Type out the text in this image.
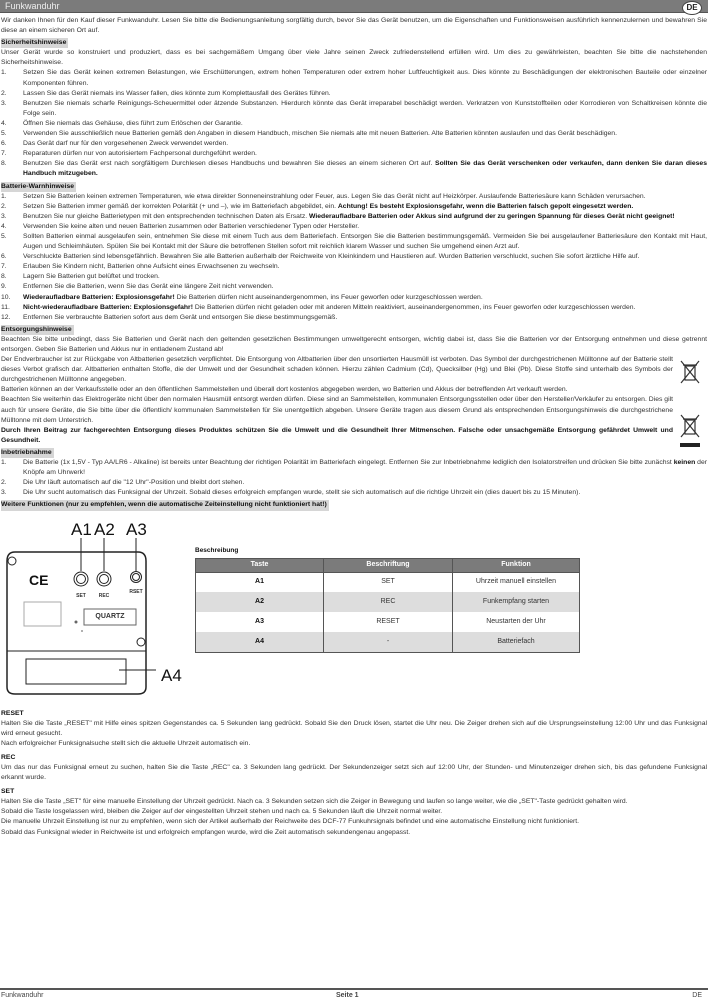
Funkwanduhr	DE

Wir danken Ihnen für den Kauf dieser Funkwanduhr. Lesen Sie bitte die Bedienungsanleitung sorgfältig durch, bevor Sie das Gerät benutzen, um die Eigenschaften und Funktionsweisen ausführlich kennenzulernen und bewahren Sie diese an einem sicheren Ort auf.

Sicherheitshinweise

Unser Gerät wurde so konstruiert und produziert, dass es bei sachgemäßem Umgang über viele Jahre seinen Zweck zufriedenstellend erfüllen wird. Um dies zu gewährleisten, beachten Sie bitte die nachstehenden Sicherheitshinweise.

1. Setzen Sie das Gerät keinen extremen Belastungen, wie Erschütterungen, extrem hohen Temperaturen oder extrem hoher Luftfeuchtigkeit aus. Dies könnte zu Beschädigungen der elektronischen Bauteile oder einzelner Komponenten führen.
2. Lassen Sie das Gerät niemals ins Wasser fallen, dies könnte zum Komplettausfall des Gerätes führen.
3. Benutzen Sie niemals scharfe Reinigungs-Scheuermittel oder ätzende Substanzen. Hierdurch könnte das Gerät irreparabel beschädigt werden. Verkratzen von Kunststoffteilen oder Korrodieren von Schaltkreisen könnte die Folge sein.
4. Öffnen Sie niemals das Gehäuse, dies führt zum Erlöschen der Garantie.
5. Verwenden Sie ausschließlich neue Batterien gemäß den Angaben in diesem Handbuch, mischen Sie niemals alte mit neuen Batterien. Alte Batterien könnten auslaufen und das Gerät beschädigen.
6. Das Gerät darf nur für den vorgesehenen Zweck verwendet werden.
7. Reparaturen dürfen nur von autorisiertem Fachpersonal durchgeführt werden.
8. Benutzen Sie das Gerät erst nach sorgfältigem Durchlesen dieses Handbuchs und bewahren Sie dieses an einem sicheren Ort auf. Sollten Sie das Gerät verschenken oder verkaufen, dann denken Sie daran dieses Handbuch mitzugeben.
Batterie-Warnhinweise
1. Setzen Sie Batterien keinen extremen Temperaturen, wie etwa direkter Sonneneinstrahlung oder Feuer, aus. Legen Sie das Gerät nicht auf Heizkörper. Auslaufende Batteriesäure kann Schäden verursachen.
2. Setzen Sie Batterien immer gemäß der korrekten Polarität (+ und –), wie im Batteriefach abgebildet, ein. Achtung! Es besteht Explosionsgefahr, wenn die Batterien falsch gepolt eingesetzt werden.
3. Benutzen Sie nur gleiche Batterietypen mit den entsprechenden technischen Daten als Ersatz. Wiederaufladbare Batterien oder Akkus sind aufgrund der zu geringen Spannung für dieses Gerät nicht geeignet!
4. Verwenden Sie keine alten und neuen Batterien zusammen oder Batterien verschiedener Typen oder Hersteller.
5. Sollten Batterien einmal ausgelaufen sein, entnehmen Sie diese mit einem Tuch aus dem Batteriefach. Entsorgen Sie die Batterien bestimmungsgemäß. Vermeiden Sie bei ausgelaufener Batteriesäure den Kontakt mit Haut, Augen und Schleimhäuten. Spülen Sie bei Kontakt mit der Säure die betroffenen Stellen sofort mit reichlich klarem Wasser und suchen Sie umgehend einen Arzt auf.
6. Verschluckte Batterien sind lebensgefährlich. Bewahren Sie alle Batterien außerhalb der Reichweite von Kleinkindern und Haustieren auf. Wurden Batterien verschluckt, suchen Sie sofort ärztliche Hilfe auf.
7. Erlauben Sie Kindern nicht, Batterien ohne Aufsicht eines Erwachsenen zu wechseln.
8. Lagern Sie Batterien gut belüftet und trocken.
9. Entfernen Sie die Batterien, wenn Sie das Gerät eine längere Zeit nicht verwenden.
10. Wiederaufladbare Batterien: Explosionsgefahr! Die Batterien dürfen nicht auseinandergenommen, ins Feuer geworfen oder kurzgeschlossen werden.
11. Nicht-wiederaufladbare Batterien: Explosionsgefahr! Die Batterien dürfen nicht geladen oder mit anderen Mitteln reaktiviert, auseinandergenommen, ins Feuer geworfen oder kurzgeschlossen werden.
12. Entfernen Sie verbrauchte Batterien sofort aus dem Gerät und entsorgen Sie diese bestimmungsgemäß.
Entsorgungshinweise

Beachten Sie bitte unbedingt, dass Sie Batterien und Gerät nach den geltenden gesetzlichen Bestimmungen umweltgerecht entsorgen, wichtig dabei ist, dass Sie die Batterien vor der Entsorgung entnehmen und diese getrennt entsorgen. Geben Sie Batterien und Akkus nur in entladenem Zustand ab!

Der Endverbraucher ist zur Rückgabe von Altbatterien gesetzlich verpflichtet. Die Entsorgung von Altbatterien über den unsortierten Hausmüll ist verboten. Das Symbol der durchgestrichenen Mülltonne auf der Batterie stellt dieses Verbot grafisch dar. Altbatterien enthalten Stoffe, die der Umwelt und der Gesundheit schaden können. Hierzu zählen Cadmium (Cd), Quecksilber (Hg) und Blei (Pb). Diese Stoffe sind unterhalb des Symbols der durchgestrichenen Mülltonne angegeben.

Batterien können an der Verkaufsstelle oder an den öffentlichen Sammelstellen und überall dort kostenlos abgegeben werden, wo Batterien und Akkus der betreffenden Art verkauft werden.

Beachten Sie weiterhin das Elektrogeräte nicht über den normalen Hausmüll entsorgt werden dürfen. Diese sind an Sammelstellen, kommunalen Entsorgungsstellen oder über den Hersteller/Verkäufer zu entsorgen. Dies gilt auch für unsere Geräte, die Sie bitte über die öffentlich/ kommunalen Sammelstellen für Sie unentgeltlich abgeben. Unsere Geräte tragen aus diesem Grund als entsprechenden Entsorgungshinweis die durchgestrichene Mülltonne mit dem Unterstrich.

Durch Ihren Beitrag zur fachgerechten Entsorgung dieses Produktes schützen Sie die Umwelt und die Gesundheit Ihrer Mitmenschen. Falsche oder unsachgemäße Entsorgung gefährdet Umwelt und Gesundheit.

Inbetriebnahme
1. Die Batterie (1x 1,5V - Typ AA/LR6 - Alkaline) ist bereits unter Beachtung der richtigen Polarität im Batteriefach eingelegt. Entfernen Sie zur Inbetriebnahme lediglich den Isolatorstreifen und drücken Sie bitte zunächst keinen der Knöpfe am Uhrwerk!
2. Die Uhr läuft automatisch auf die "12 Uhr"-Position und bleibt dort stehen.
3. Die Uhr sucht automatisch das Funksignal der Uhrzeit. Sobald dieses erfolgreich empfangen wurde, stellt sie sich automatisch auf die richtige Uhrzeit ein (dies dauert bis zu 15 Minuten).
Weitere Funktionen (nur zu empfehlen, wenn die automatische Zeiteinstellung nicht funktioniert hat!)
A1 A2 A3
A4
CE
SET	REC
RSET
QUARTZ
Beschreibung
Taste	Beschriftung	Funktion
A1	SET	Uhrzeit manuell einstellen
A2	REC	Funkempfang starten
A3	RESET	Neustarten der Uhr
A4	-	Batteriefach
RESET

Halten Sie die Taste „RESET" mit Hilfe eines spitzen Gegenstandes ca. 5 Sekunden lang gedrückt. Sobald Sie den Druck lösen, startet die Uhr neu. Die Zeiger drehen sich auf die Ursprungseinstellung 12:00 Uhr und das Funksignal wird erneut gesucht.

Nach erfolgreicher Funksignalsuche stellt sich die aktuelle Uhrzeit automatisch ein.

REC

Um das nur das Funksignal erneut zu suchen, halten Sie die Taste „REC" ca. 3 Sekunden lang gedrückt. Der Sekundenzeiger setzt sich auf 12:00 Uhr, der Stunden- und Minutenzeiger drehen sich, bis das gefundene Funksignal erkannt wurde.

SET

Halten Sie die Taste „SET" für eine manuelle Einstellung der Uhrzeit gedrückt. Nach ca. 3 Sekunden setzen sich die Zeiger in Bewegung und laufen so lange weiter, wie die „SET"-Taste gedrückt gehalten wird.

Sobald die Taste losgelassen wird, bleiben die Zeiger auf der eingestellten Uhrzeit stehen und nach ca. 5 Sekunden läuft die Uhrzeit normal weiter.

Die manuelle Uhrzeit Einstellung ist nur zu empfehlen, wenn sich der Artikel außerhalb der Reichweite des DCF-77 Funkuhrsignals befindet und eine automatische Einstellung nicht funktioniert.

Sobald das Funksignal wieder in Reichweite ist und erfolgreich empfangen wurde, wird die Zeit automatisch sekundengenau angepasst.

Funkwanduhr	Seite 1	DE
